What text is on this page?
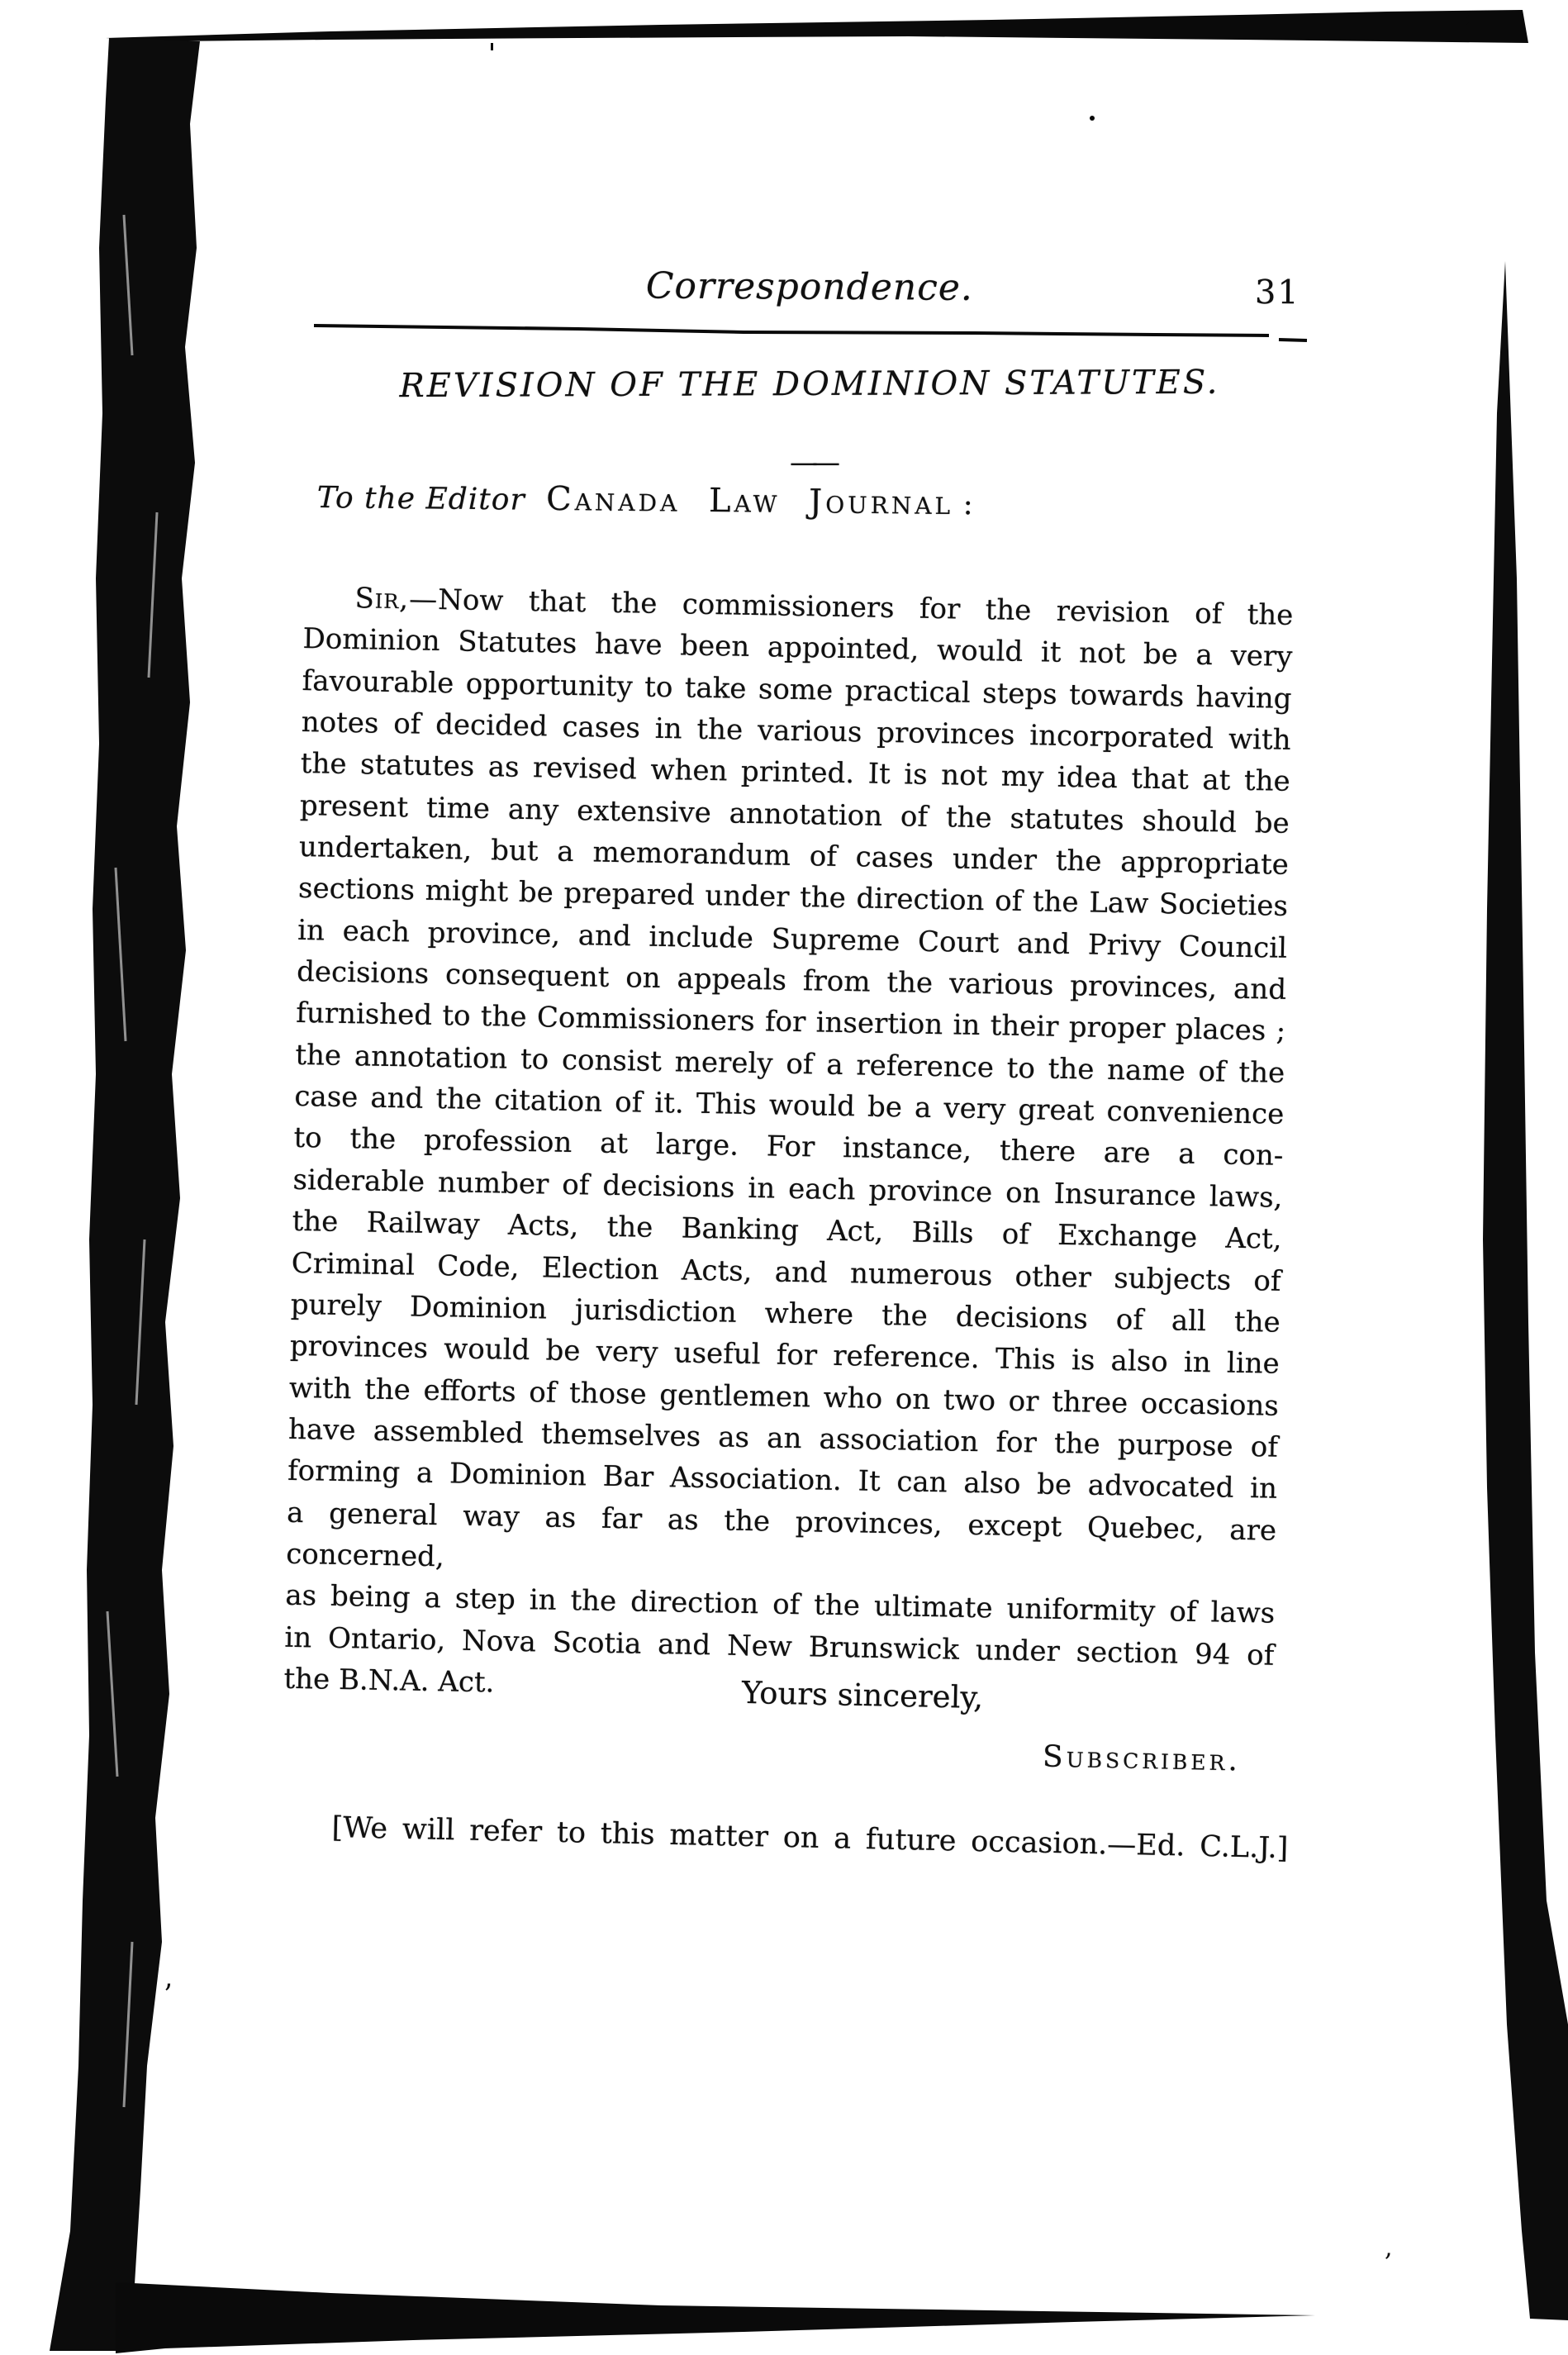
p
’
,
Correspondence.	31
REVISION OF THE DOMINION STATUTES.
——
To the Editor Canada Law Journal :
Sir,—Now that the commissioners for the revision of the
Dominion Statutes have been appointed, would it not be a very
favourable opportunity to take some practical steps towards having
notes of decided cases in the various provinces incorporated with
the statutes as revised when printed. It is not my idea that at the
present time any extensive annotation of the statutes should be
undertaken, but a memorandum of cases under the appropriate
sections might be prepared under the direction of the Law Societies
in each province, and include Supreme Court and Privy Council
decisions consequent on appeals from the various provinces, and
furnished to the Commissioners for insertion in their proper places ;
the annotation to consist merely of a reference to the name of the
case and the citation of it. This would be a very great convenience
to the profession at large. For instance, there are a con-
siderable number of decisions in each province on Insurance laws,
the Railway Acts, the Banking Act, Bills of Exchange Act,
Criminal Code, Election Acts, and numerous other subjects of
purely Dominion jurisdiction where the decisions of all the
provinces would be very useful for reference. This is also in line
with the efforts of those gentlemen who on two or three occasions
have assembled themselves as an association for the purpose of
forming a Dominion Bar Association. It can also be advocated in
a general way as far as the provinces, except Quebec, are concerned,
as being a step in the direction of the ultimate uniformity of laws
in Ontario, Nova Scotia and New Brunswick under section 94 of
the B.N.A. Act.	Yours sincerely,
Subscriber.
[We will refer to this matter on a future occasion.—Ed. C.L.J.]
